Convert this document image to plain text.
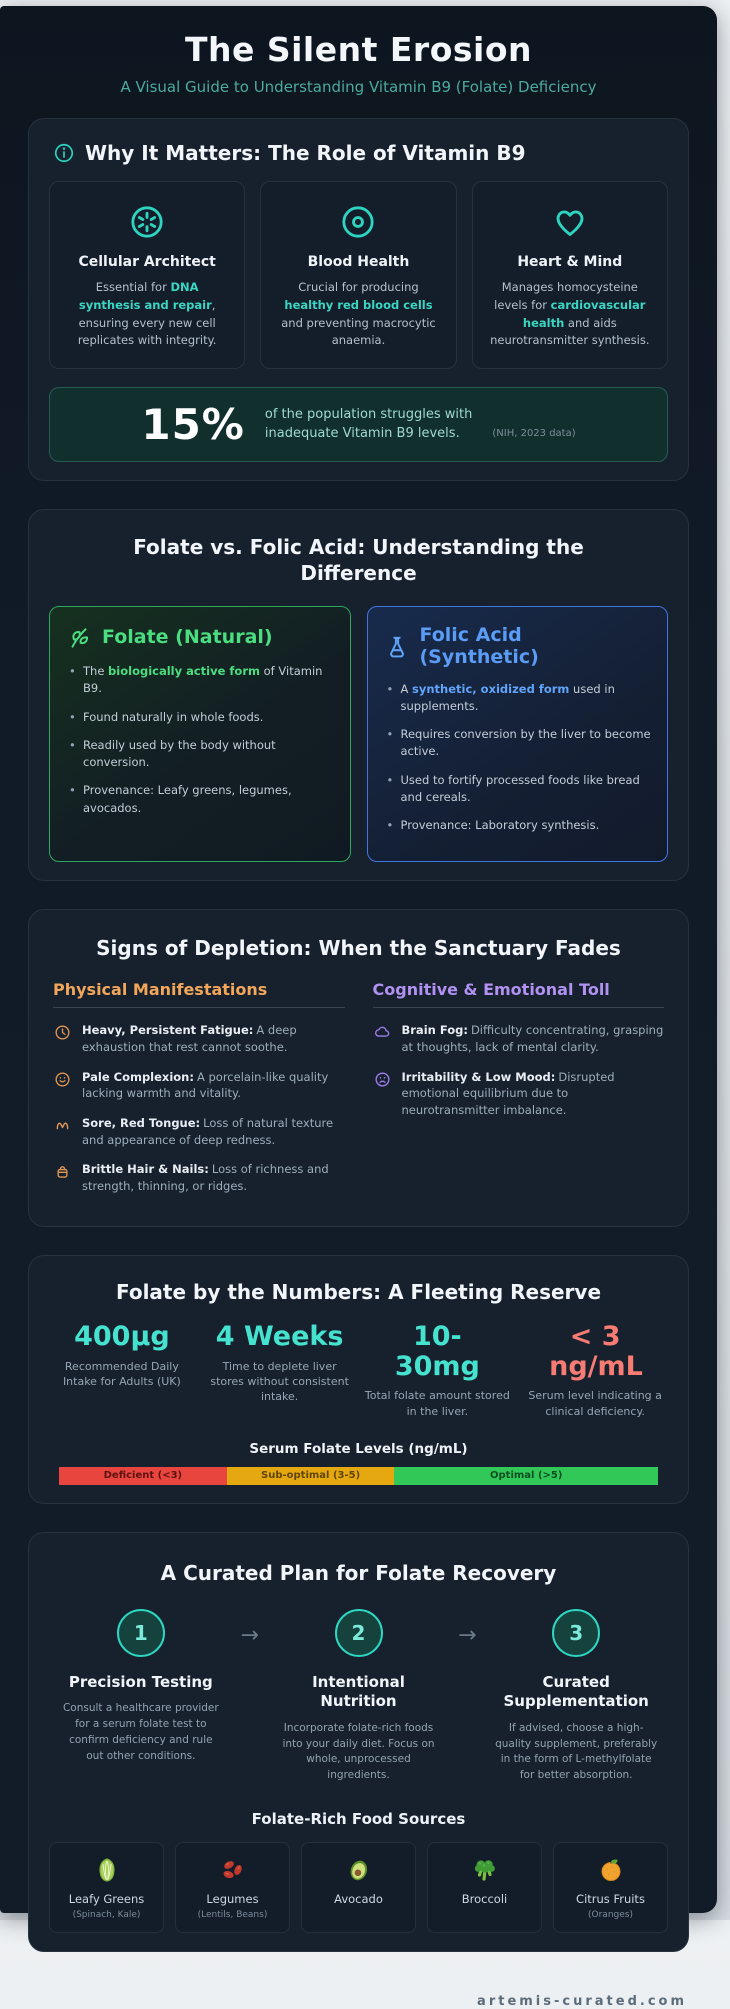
The Silent Erosion

A Visual Guide to Understanding Vitamin B9 (Folate) Deficiency

Why It Matters: The Role of Vitamin B9
Cellular Architect

Essential for DNA synthesis and repair, ensuring every new cell replicates with integrity.

Blood Health

Crucial for producing healthy red blood cells and preventing macrocytic anaemia.

Heart & Mind

Manages homocysteine levels for cardiovascular health and aids neurotransmitter synthesis.

15% of the population struggles with
inadequate Vitamin B9 levels.	(NIH, 2023 data)
Folate vs. Folic Acid: Understanding the Difference
Folate (Natural)
• The biologically active form of Vitamin B9.
• Found naturally in whole foods.
• Readily used by the body without conversion.
• Provenance: Leafy greens, legumes, avocados.
Folic Acid (Synthetic)
• A synthetic, oxidized form used in supplements.
• Requires conversion by the liver to become active.
• Used to fortify processed foods like bread and cereals.
• Provenance: Laboratory synthesis.
Signs of Depletion: When the Sanctuary Fades
Physical Manifestations

Heavy, Persistent Fatigue: A deep exhaustion that rest cannot soothe.

Pale Complexion: A porcelain-like quality lacking warmth and vitality.

Sore, Red Tongue: Loss of natural texture and appearance of deep redness.

Brittle Hair & Nails: Loss of richness and strength, thinning, or ridges.

Cognitive & Emotional Toll

Brain Fog: Difficulty concentrating, grasping at thoughts, lack of mental clarity.

Irritability & Low Mood: Disrupted emotional equilibrium due to neurotransmitter imbalance.

Folate by the Numbers: A Fleeting Reserve
400µg

Recommended Daily Intake for Adults (UK)

4 Weeks

Time to deplete liver stores without consistent intake.

10-30mg

Total folate amount stored in the liver.

< 3 ng/mL

Serum level indicating a clinical deficiency.

Serum Folate Levels (ng/mL)
Deficient (<3)	Sub-optimal (3-5)	Optimal (>5)
A Curated Plan for Folate Recovery
1
Precision Testing

Consult a healthcare provider for a serum folate test to confirm deficiency and rule out other conditions.

→	2
Intentional Nutrition

Incorporate folate-rich foods into your daily diet. Focus on whole, unprocessed ingredients.

→	3
Curated Supplementation

If advised, choose a high-quality supplement, preferably in the form of L-methylfolate for better absorption.

Folate-Rich Food Sources

Leafy Greens

(Spinach, Kale)

Legumes

(Lentils, Beans)

Avocado	Broccoli	Citrus Fruits

(Oranges)

artemis-curated.com
